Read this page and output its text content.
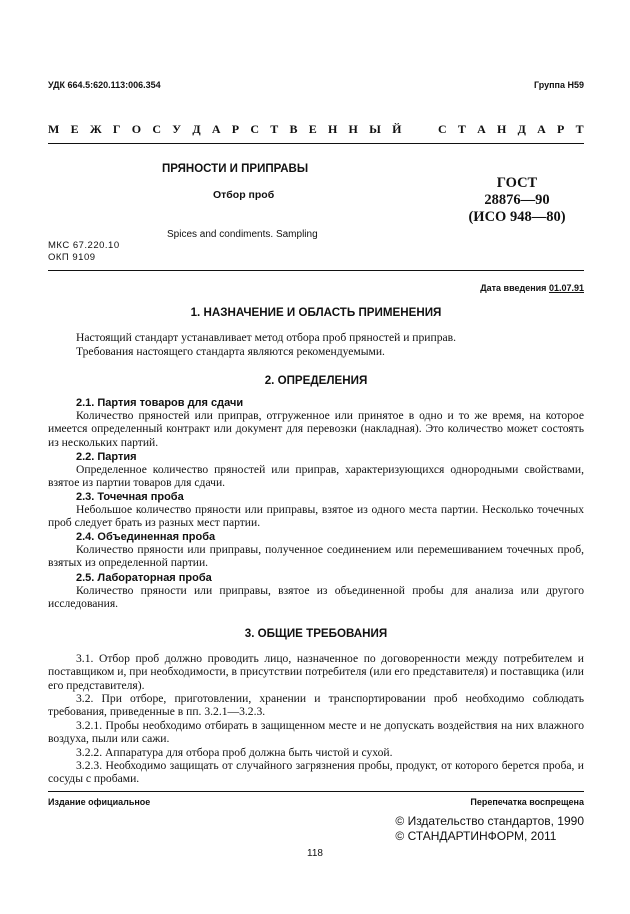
УДК 664.5:620.113:006.354	Группа Н59
М Е Ж Г О С У Д А Р С Т В Е Н Н Ы Й
	С Т А Н Д А Р Т
ПРЯНОСТИ И ПРИПРАВЫ
Отбор проб
Spices and condiments. Sampling
ГОСТ
28876—90
(ИСО 948—80)
МКС 67.220.10
ОКП 9109
Дата введения 01.07.91
1. НАЗНАЧЕНИЕ И ОБЛАСТЬ ПРИМЕНЕНИЯ
Настоящий стандарт устанавливает метод отбора проб пряностей и приправ.
Требования настоящего стандарта являются рекомендуемыми.
2. ОПРЕДЕЛЕНИЯ
2.1. Партия товаров для сдачи
Количество пряностей или приправ, отгруженное или принятое в одно и то же время, на которое имеется определенный контракт или документ для перевозки (накладная). Это количество может состоять из нескольких партий.
2.2. Партия
Определенное количество пряностей или приправ, характеризующихся однородными свойствами, взятое из партии товаров для сдачи.
2.3. Точечная проба
Небольшое количество пряности или приправы, взятое из одного места партии. Несколько точечных проб следует брать из разных мест партии.
2.4. Объединенная проба
Количество пряности или приправы, полученное соединением или перемешиванием точечных проб, взятых из определенной партии.
2.5. Лабораторная проба
Количество пряности или приправы, взятое из объединенной пробы для анализа или другого исследования.
3. ОБЩИЕ ТРЕБОВАНИЯ
3.1. Отбор проб должно проводить лицо, назначенное по договоренности между потребителем и поставщиком и, при необходимости, в присутствии потребителя (или его представителя) и поставщика (или его представителя).
3.2. При отборе, приготовлении, хранении и транспортировании проб необходимо соблюдать требования, приведенные в пп. 3.2.1—3.2.3.
3.2.1. Пробы необходимо отбирать в защищенном месте и не допускать воздействия на них влажного воздуха, пыли или сажи.
3.2.2. Аппаратура для отбора проб должна быть чистой и сухой.
3.2.3. Необходимо защищать от случайного загрязнения пробы, продукт, от которого берется проба, и сосуды с пробами.
Издание официальное	Перепечатка воспрещена
© Издательство стандартов, 1990
© СТАНДАРТИНФОРМ, 2011
118
